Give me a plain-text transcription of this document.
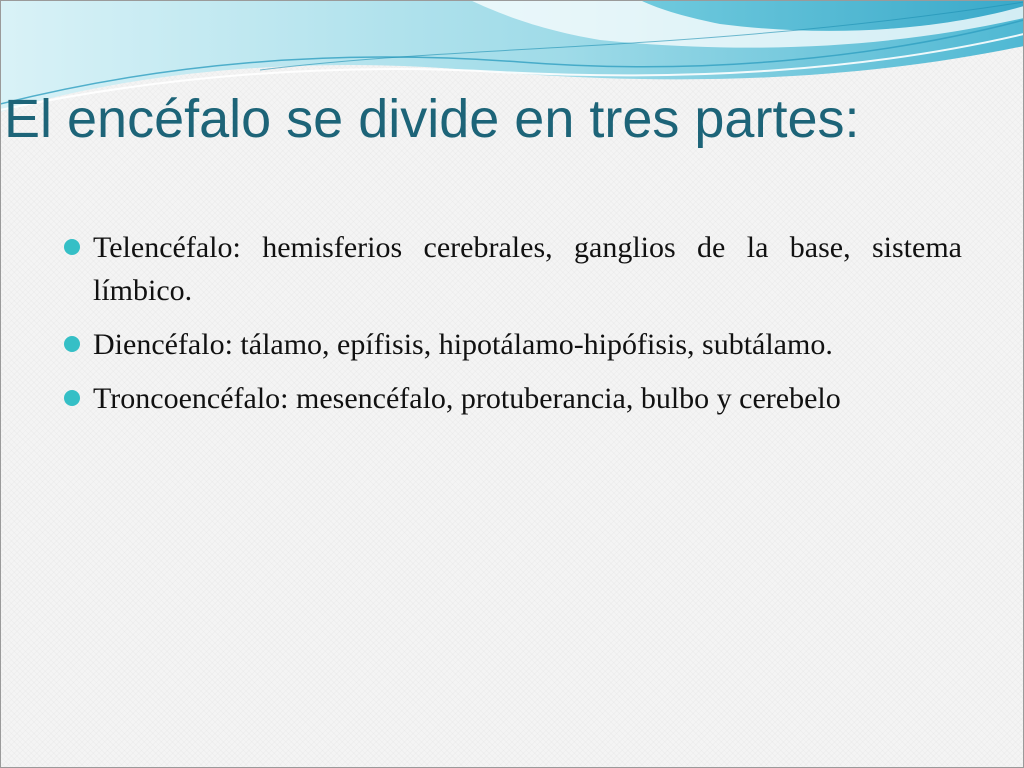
El encéfalo se divide en tres partes:
Telencéfalo: hemisferios cerebrales, ganglios de la base, sistema límbico.
Diencéfalo: tálamo, epífisis, hipotálamo-hipófisis, subtálamo.
Troncoencéfalo: mesencéfalo, protuberancia, bulbo y cerebelo
